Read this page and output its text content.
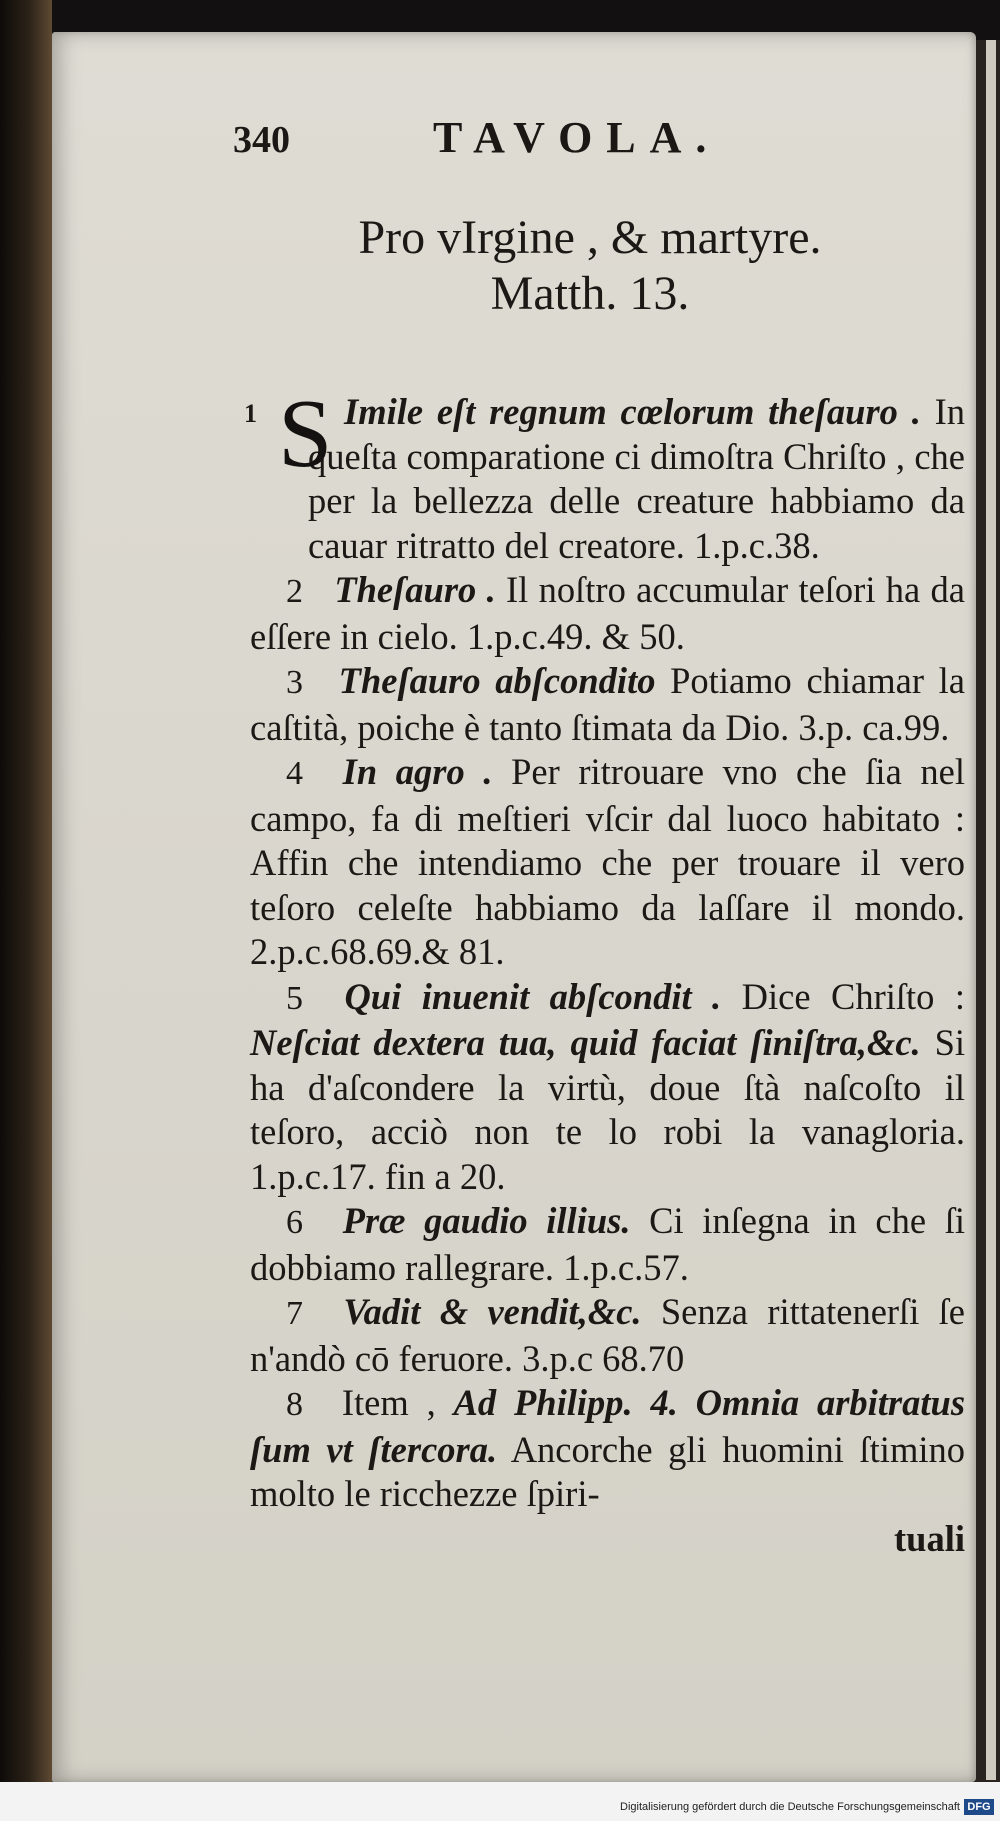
340	TAVOLA.
Pro vIrgine , & martyre.
Matth. 13.

1 S Imile eſt regnum cœlorum theſauro . In queſta comparatione ci dimoſtra Chriſto , che per la bellezza delle creature habbiamo da cauar ritratto del creatore. 1.p.c.38.

2 Theſauro . Il noſtro accumular teſori ha da eſſere in cielo. 1.p.c.49. & 50.

3 Theſauro abſcondito Potiamo chiamar la caſtità, poiche è tanto ſtimata da Dio. 3.p. ca.99.

4 In agro . Per ritrouare vno che ſia nel campo, fa di meſtieri vſcir dal luoco habitato : Affin che intendiamo che per trouare il vero teſoro celeſte habbiamo da laſſare il mondo. 2.p.c.68.69.& 81.

5 Qui inuenit abſcondit . Dice Chriſto : Neſciat dextera tua, quid faciat ſiniſtra,&c. Si ha d'aſcondere la virtù, doue ſtà naſcoſto il teſoro, acciò non te lo robi la vanagloria. 1.p.c.17. fin a 20.

6 Præ gaudio illius. Ci inſegna in che ſi dobbiamo rallegrare. 1.p.c.57.

7 Vadit & vendit,&c. Senza rittatenerſi ſe n'andò cō feruore. 3.p.c 68.70

8 Item , Ad Philipp. 4. Omnia arbitratus ſum vt ſtercora. Ancorche gli huomini ſtimino molto le ricchezze ſpiri-

tuali

Digitalisierung gefördert durch die Deutsche Forschungsgemeinschaft DFG
